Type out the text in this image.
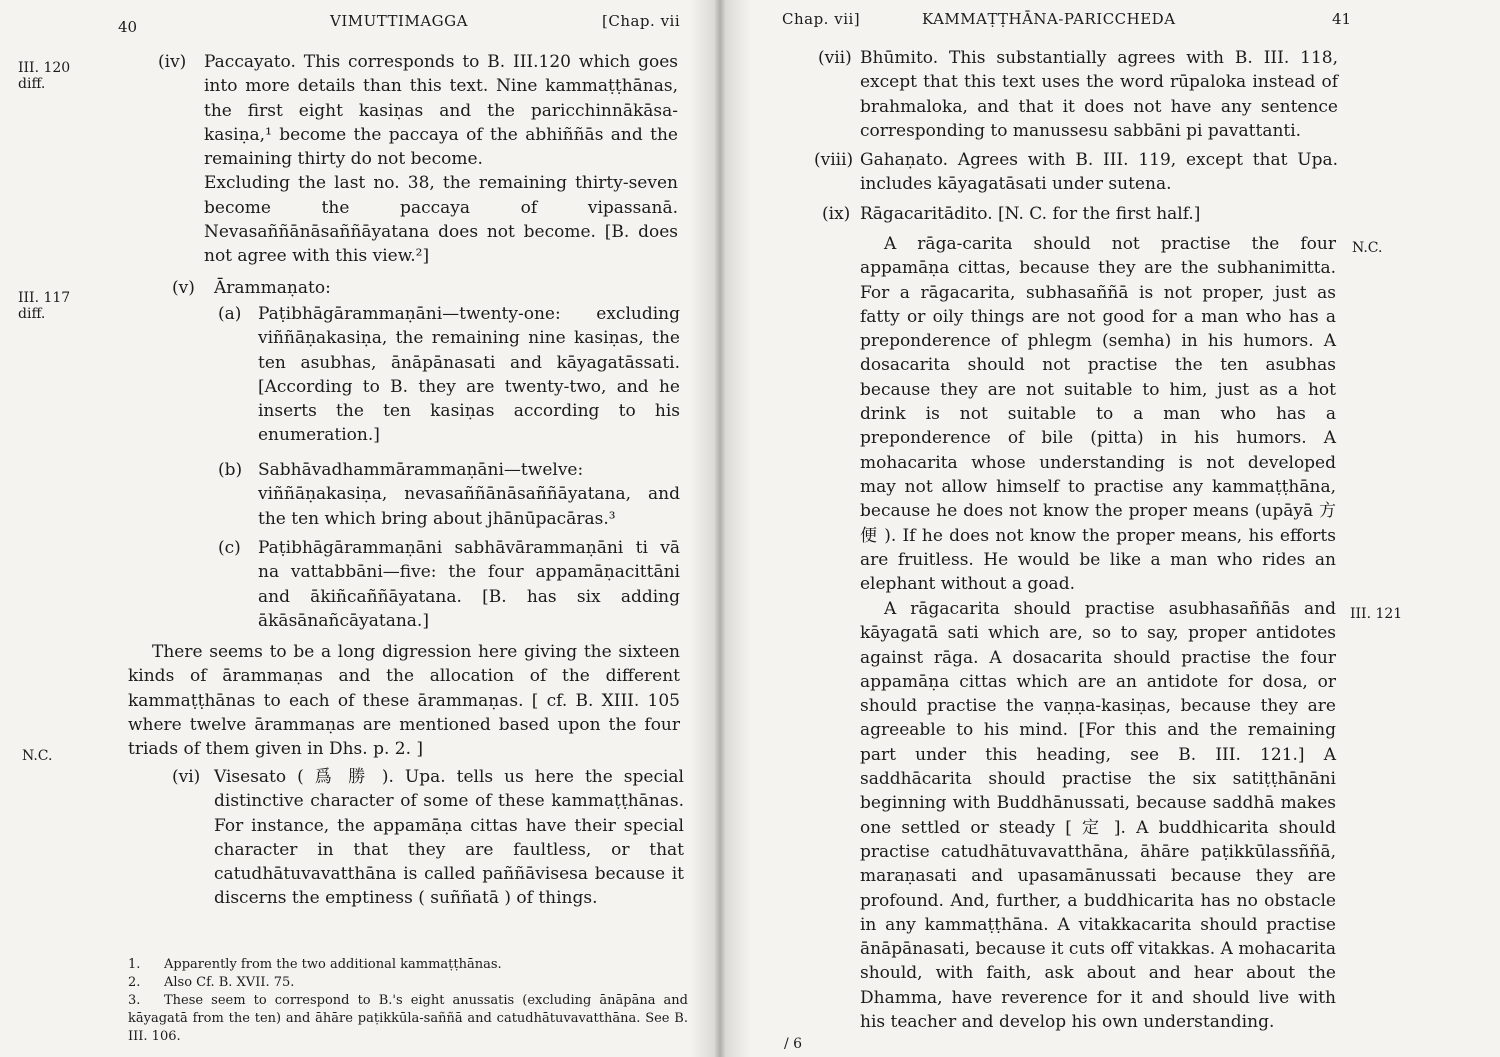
40	VIMUTTIMAGGA	[Chap. vii
III. 120 diff.
III. 117 diff.
N.C.
(iv) Paccayato. This corresponds to B. III.120 which goes into more details than this text. Nine kammaṭṭhānas, the first eight kasiṇas and the paricchinnākāsa-kasiṇa,¹ become the paccaya of the abhiññās and the remaining thirty do not become.
Excluding the last no. 38, the remaining thirty-seven become the paccaya of vipassanā. Nevasaññānāsaññāyatana does not become. [B. does not agree with this view.²]
(v) Ārammaṇato:
(a) Paṭibhāgārammaṇāni—twenty-one: excluding viññāṇakasiṇa, the remaining nine kasiṇas, the ten asubhas, ānāpānasati and kāyagatāssati. [According to B. they are twenty-two, and he inserts the ten kasiṇas according to his enumeration.]
(b) Sabhāvadhammārammaṇāni—twelve: viññāṇakasiṇa, nevasaññānāsaññāyatana, and the ten which bring about jhānūpacāras.³
(c) Paṭibhāgārammaṇāni sabhāvārammaṇāni ti vā na vattabbāni—five: the four appamāṇacittāni and ākiñcaññāyatana. [B. has six adding ākāsānañcāyatana.]
There seems to be a long digression here giving the sixteen kinds of ārammaṇas and the allocation of the different kammaṭṭhānas to each of these ārammaṇas. [ cf. B. XIII. 105 where twelve ārammaṇas are mentioned based upon the four triads of them given in Dhs. p. 2. ]
(vi) Visesato ( 爲 勝 ). Upa. tells us here the special distinctive character of some of these kammaṭṭhānas. For instance, the appamāṇa cittas have their special character in that they are faultless, or that catudhātuvavatthāna is called paññāvisesa because it discerns the emptiness ( suññatā ) of things.

1. Apparently from the two additional kammaṭṭhānas.

2. Also Cf. B. XVII. 75.

3. These seem to correspond to B.'s eight anussatis (excluding ānāpāna and kāyagatā from the ten) and āhāre paṭikkūla-saññā and catudhātuvavatthāna. See B. III. 106.

Chap. vii]	KAMMAṬṬHĀNA-PARICCHEDA	41
N.C.
III. 121
(vii) Bhūmito. This substantially agrees with B. III. 118, except that this text uses the word rūpaloka instead of brahmaloka, and that it does not have any sentence corresponding to manussesu sabbāni pi pavattanti.
(viii) Gahaṇato. Agrees with B. III. 119, except that Upa. includes kāyagatāsati under sutena.
(ix) Rāgacaritādito. [N. C. for the first half.]
A rāga-carita should not practise the four appamāṇa cittas, because they are the subhanimitta. For a rāgacarita, subhasaññā is not proper, just as fatty or oily things are not good for a man who has a preponderence of phlegm (semha) in his humors. A dosacarita should not practise the ten asubhas because they are not suitable to him, just as a hot drink is not suitable to a man who has a preponderence of bile (pitta) in his humors. A mohacarita whose understanding is not developed may not allow himself to practise any kammaṭṭhāna, because he does not know the proper means (upāyā 方 便 ). If he does not know the proper means, his efforts are fruitless. He would be like a man who rides an elephant without a goad.
A rāgacarita should practise asubhasaññās and kāyagatā sati which are, so to say, proper antidotes against rāga. A dosacarita should practise the four appamāṇa cittas which are an antidote for dosa, or should practise the vaṇṇa-kasiṇas, because they are agreeable to his mind. [For this and the remaining part under this heading, see B. III. 121.] A saddhācarita should practise the six satiṭṭhānāni beginning with Buddhānussati, because saddhā makes one settled or steady [ 定 ]. A buddhicarita should practise catudhātuvavatthāna, āhāre paṭikkūlassññā, maraṇasati and upasamānussati because they are profound. And, further, a buddhicarita has no obstacle in any kammaṭṭhāna. A vitakkacarita should practise ānāpānasati, because it cuts off vitakkas. A mohacarita should, with faith, ask about and hear about the Dhamma, have reverence for it and should live with his teacher and develop his own understanding.
/ 6
